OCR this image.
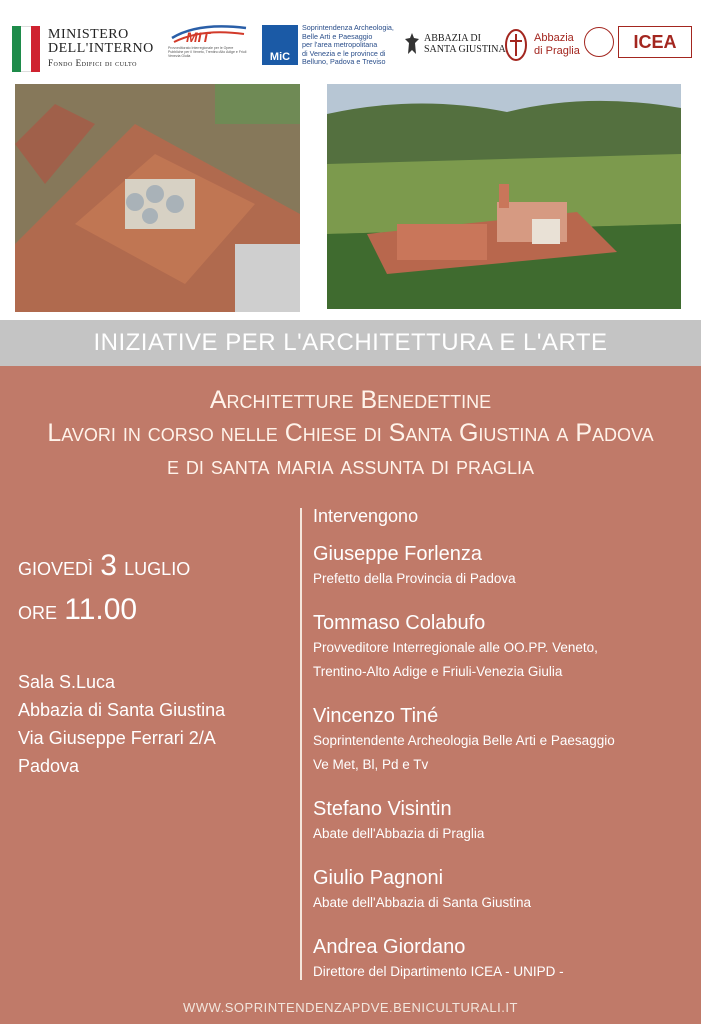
MINISTERO
DELL'INTERNO
Fondo Edifici di culto
MIT
Provveditorato Interregionale per le Opere Pubbliche per il Veneto, Trentino Alto Adige e Friuli Venezia Giulia	MiC
Soprintendenza Archeologia,
Belle Arti e Paesaggio
per l'area metropolitana
di Venezia e le province di
Belluno, Padova e Treviso
ABBAZIA DI
SANTA GIUSTINA
Abbazia
di Praglia	ICEA
INIZIATIVE PER L'ARCHITETTURA E L'ARTE
Architetture Benedettine
Lavori in corso nelle Chiese di Santa Giustina a Padova
e di santa maria assunta di praglia
giovedì 3 luglio
ore 11.00
Sala S.Luca
Abbazia di Santa Giustina
Via Giuseppe Ferrari 2/A
Padova
Intervengono
Giuseppe Forlenza
Prefetto della Provincia di Padova
Tommaso Colabufo
Provveditore Interregionale alle OO.PP. Veneto,
Trentino-Alto Adige e Friuli-Venezia Giulia
Vincenzo Tiné
Soprintendente Archeologia Belle Arti e Paesaggio
Ve Met, Bl, Pd e Tv
Stefano Visintin
Abate dell'Abbazia di Praglia
Giulio Pagnoni
Abate dell'Abbazia di Santa Giustina
Andrea Giordano
Direttore del Dipartimento ICEA - UNIPD -
WWW.SOPRINTENDENZAPDVE.BENICULTURALI.IT
